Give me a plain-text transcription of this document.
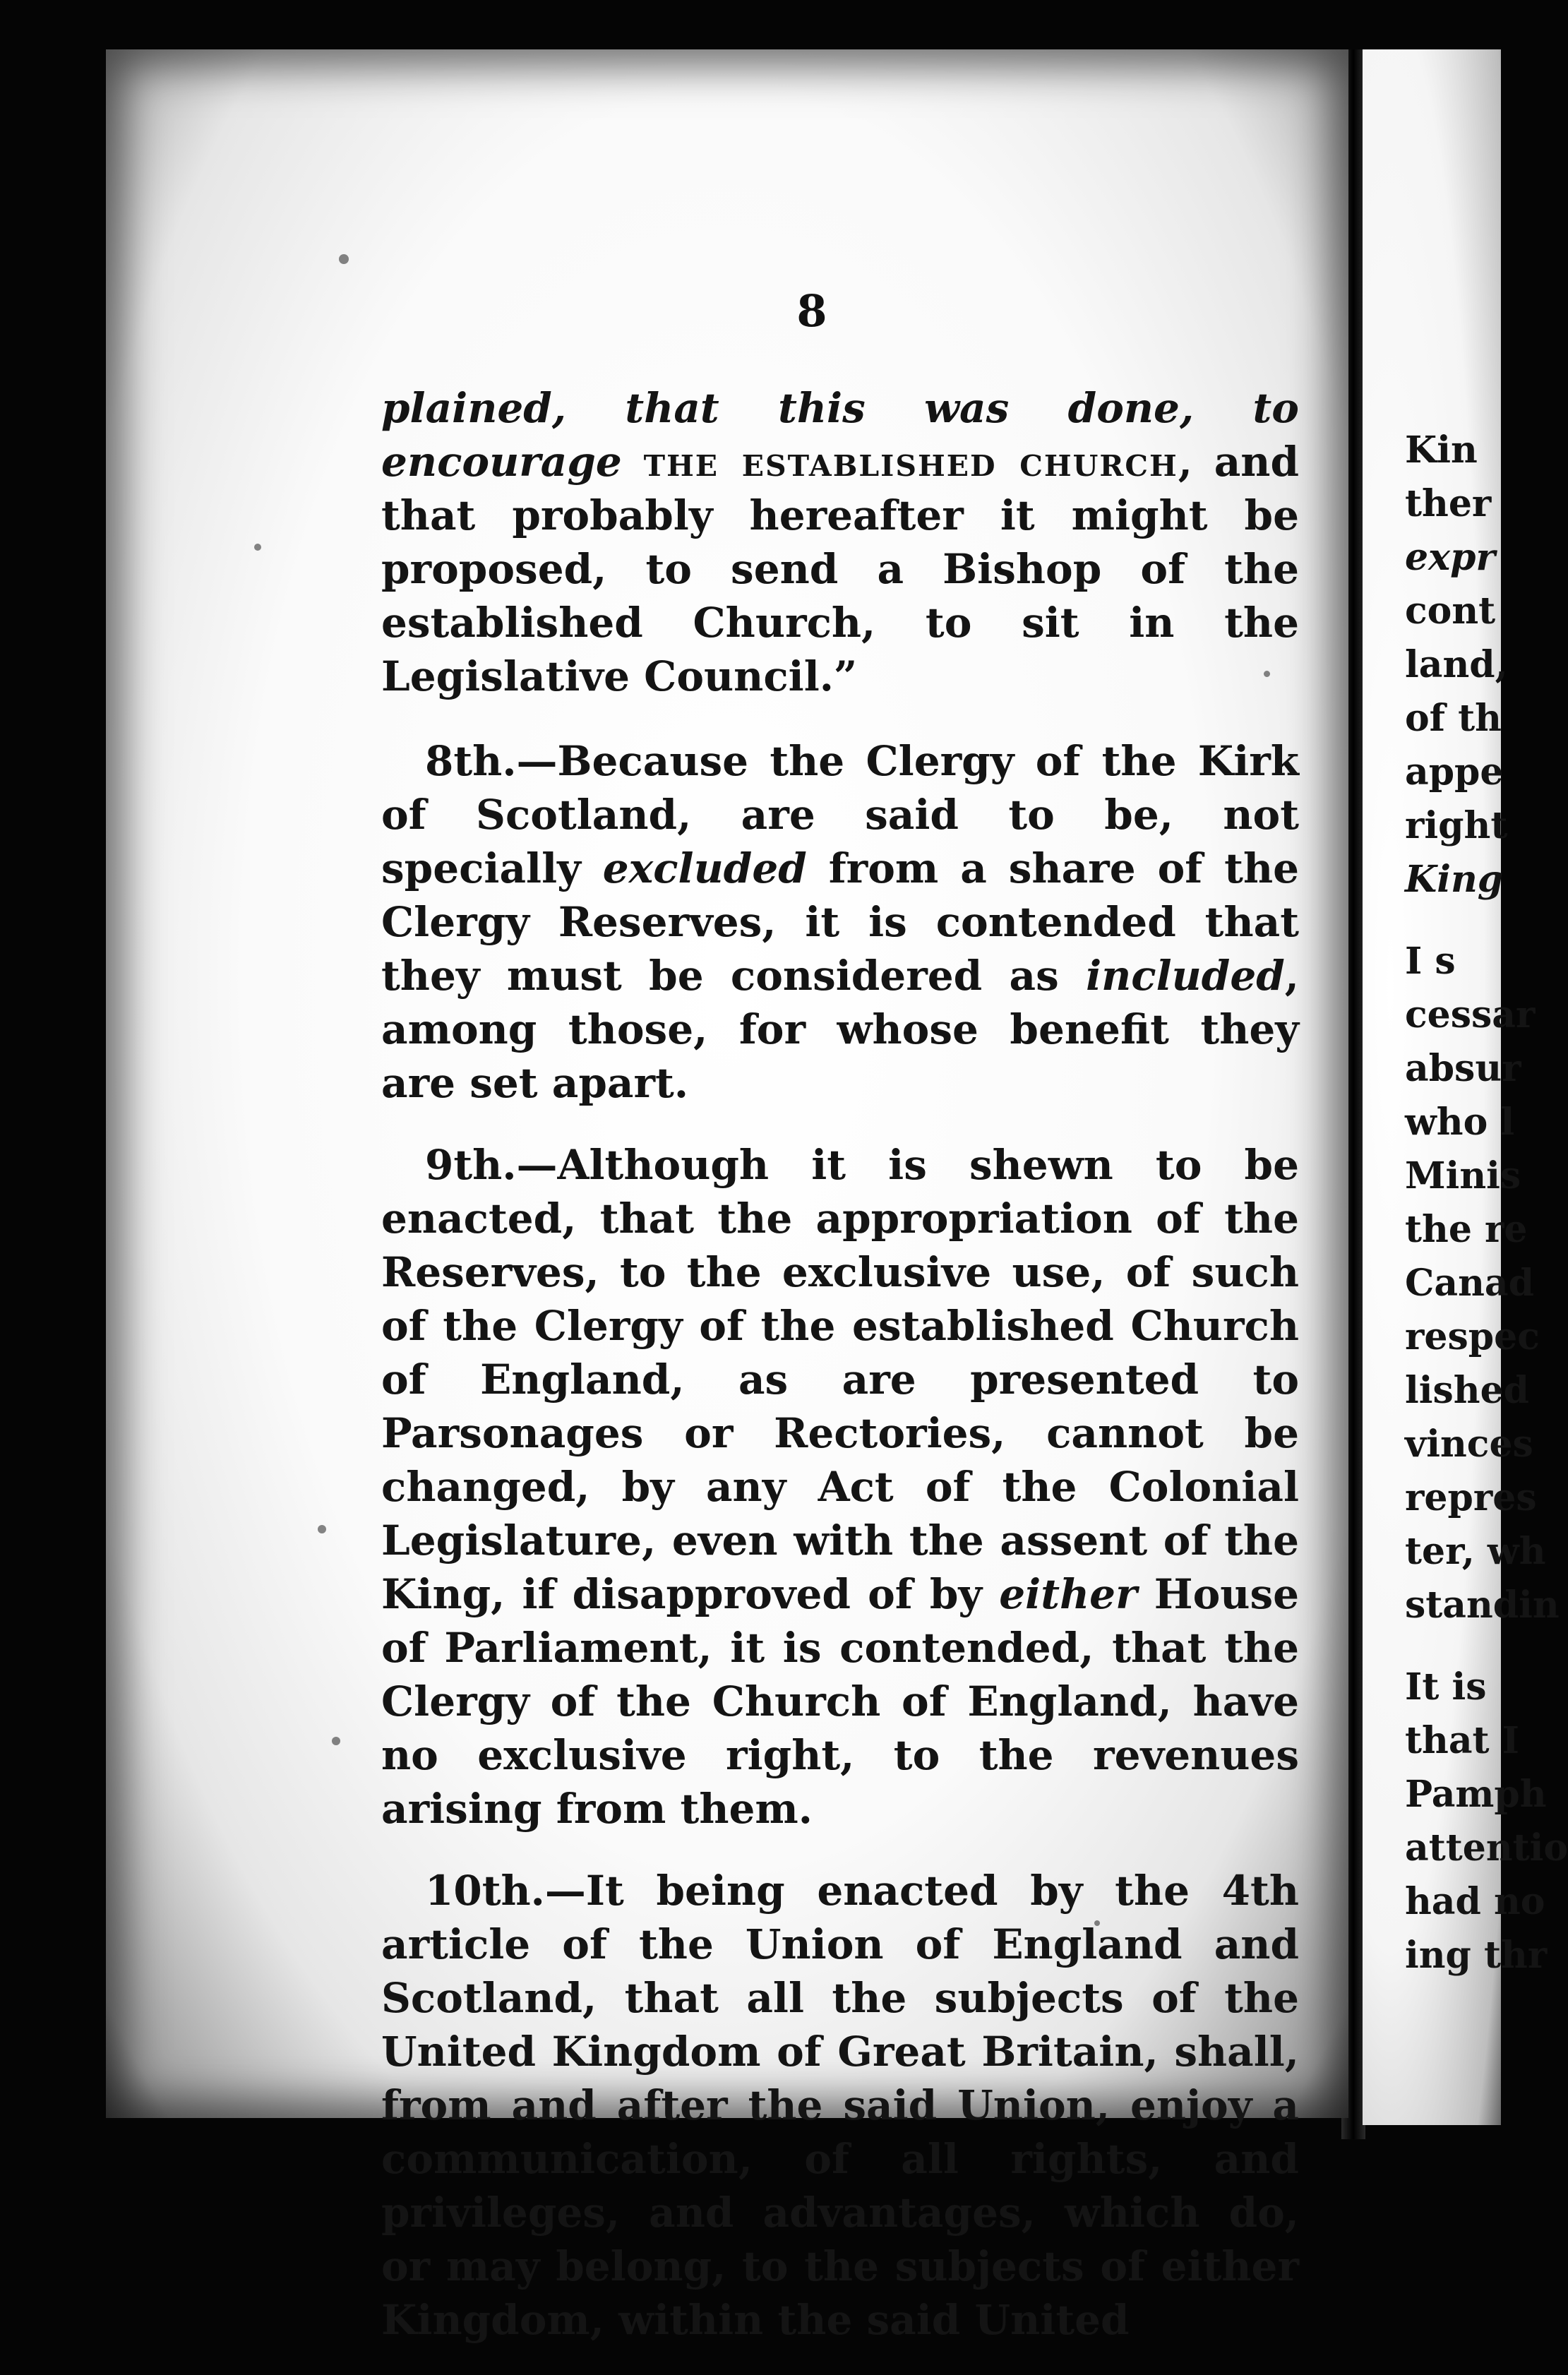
8

plained, that this was done, to encourage the established church, and that probably hereafter it might be proposed, to send a Bishop of the established Church, to sit in the Legislative Council.”

8th.—Because the Clergy of the Kirk of Scotland, are said to be, not specially excluded from a share of the Clergy Reserves, it is contended that they must be considered as included, among those, for whose benefit they are set apart.

9th.—Although it is shewn to be enacted, that the appropriation of the Reserves, to the exclusive use, of such of the Clergy of the established Church of England, as are presented to Parsonages or Rectories, cannot be changed, by any Act of the Colonial Legislature, even with the assent of the King, if disapproved of by either House of Parliament, it is contended, that the Clergy of the Church of England, have no exclusive right, to the revenues arising from them.

10th.—It being enacted by the 4th article of the Union of England and Scotland, that all the subjects of the United Kingdom of Great Britain, shall, from and after the said Union, enjoy a communication, of all rights, and privileges, and advantages, which do, or may belong, to the subjects of either Kingdom, within the said United

Kin
ther
expr
cont
land,
of th
appe
right
King
I s
cessar
absur
who l
Minis
the re
Canad
respec
lished
vinces
repres
ter, wh
standin
It is
that I
Pamph
attentio
had no
ing thr
